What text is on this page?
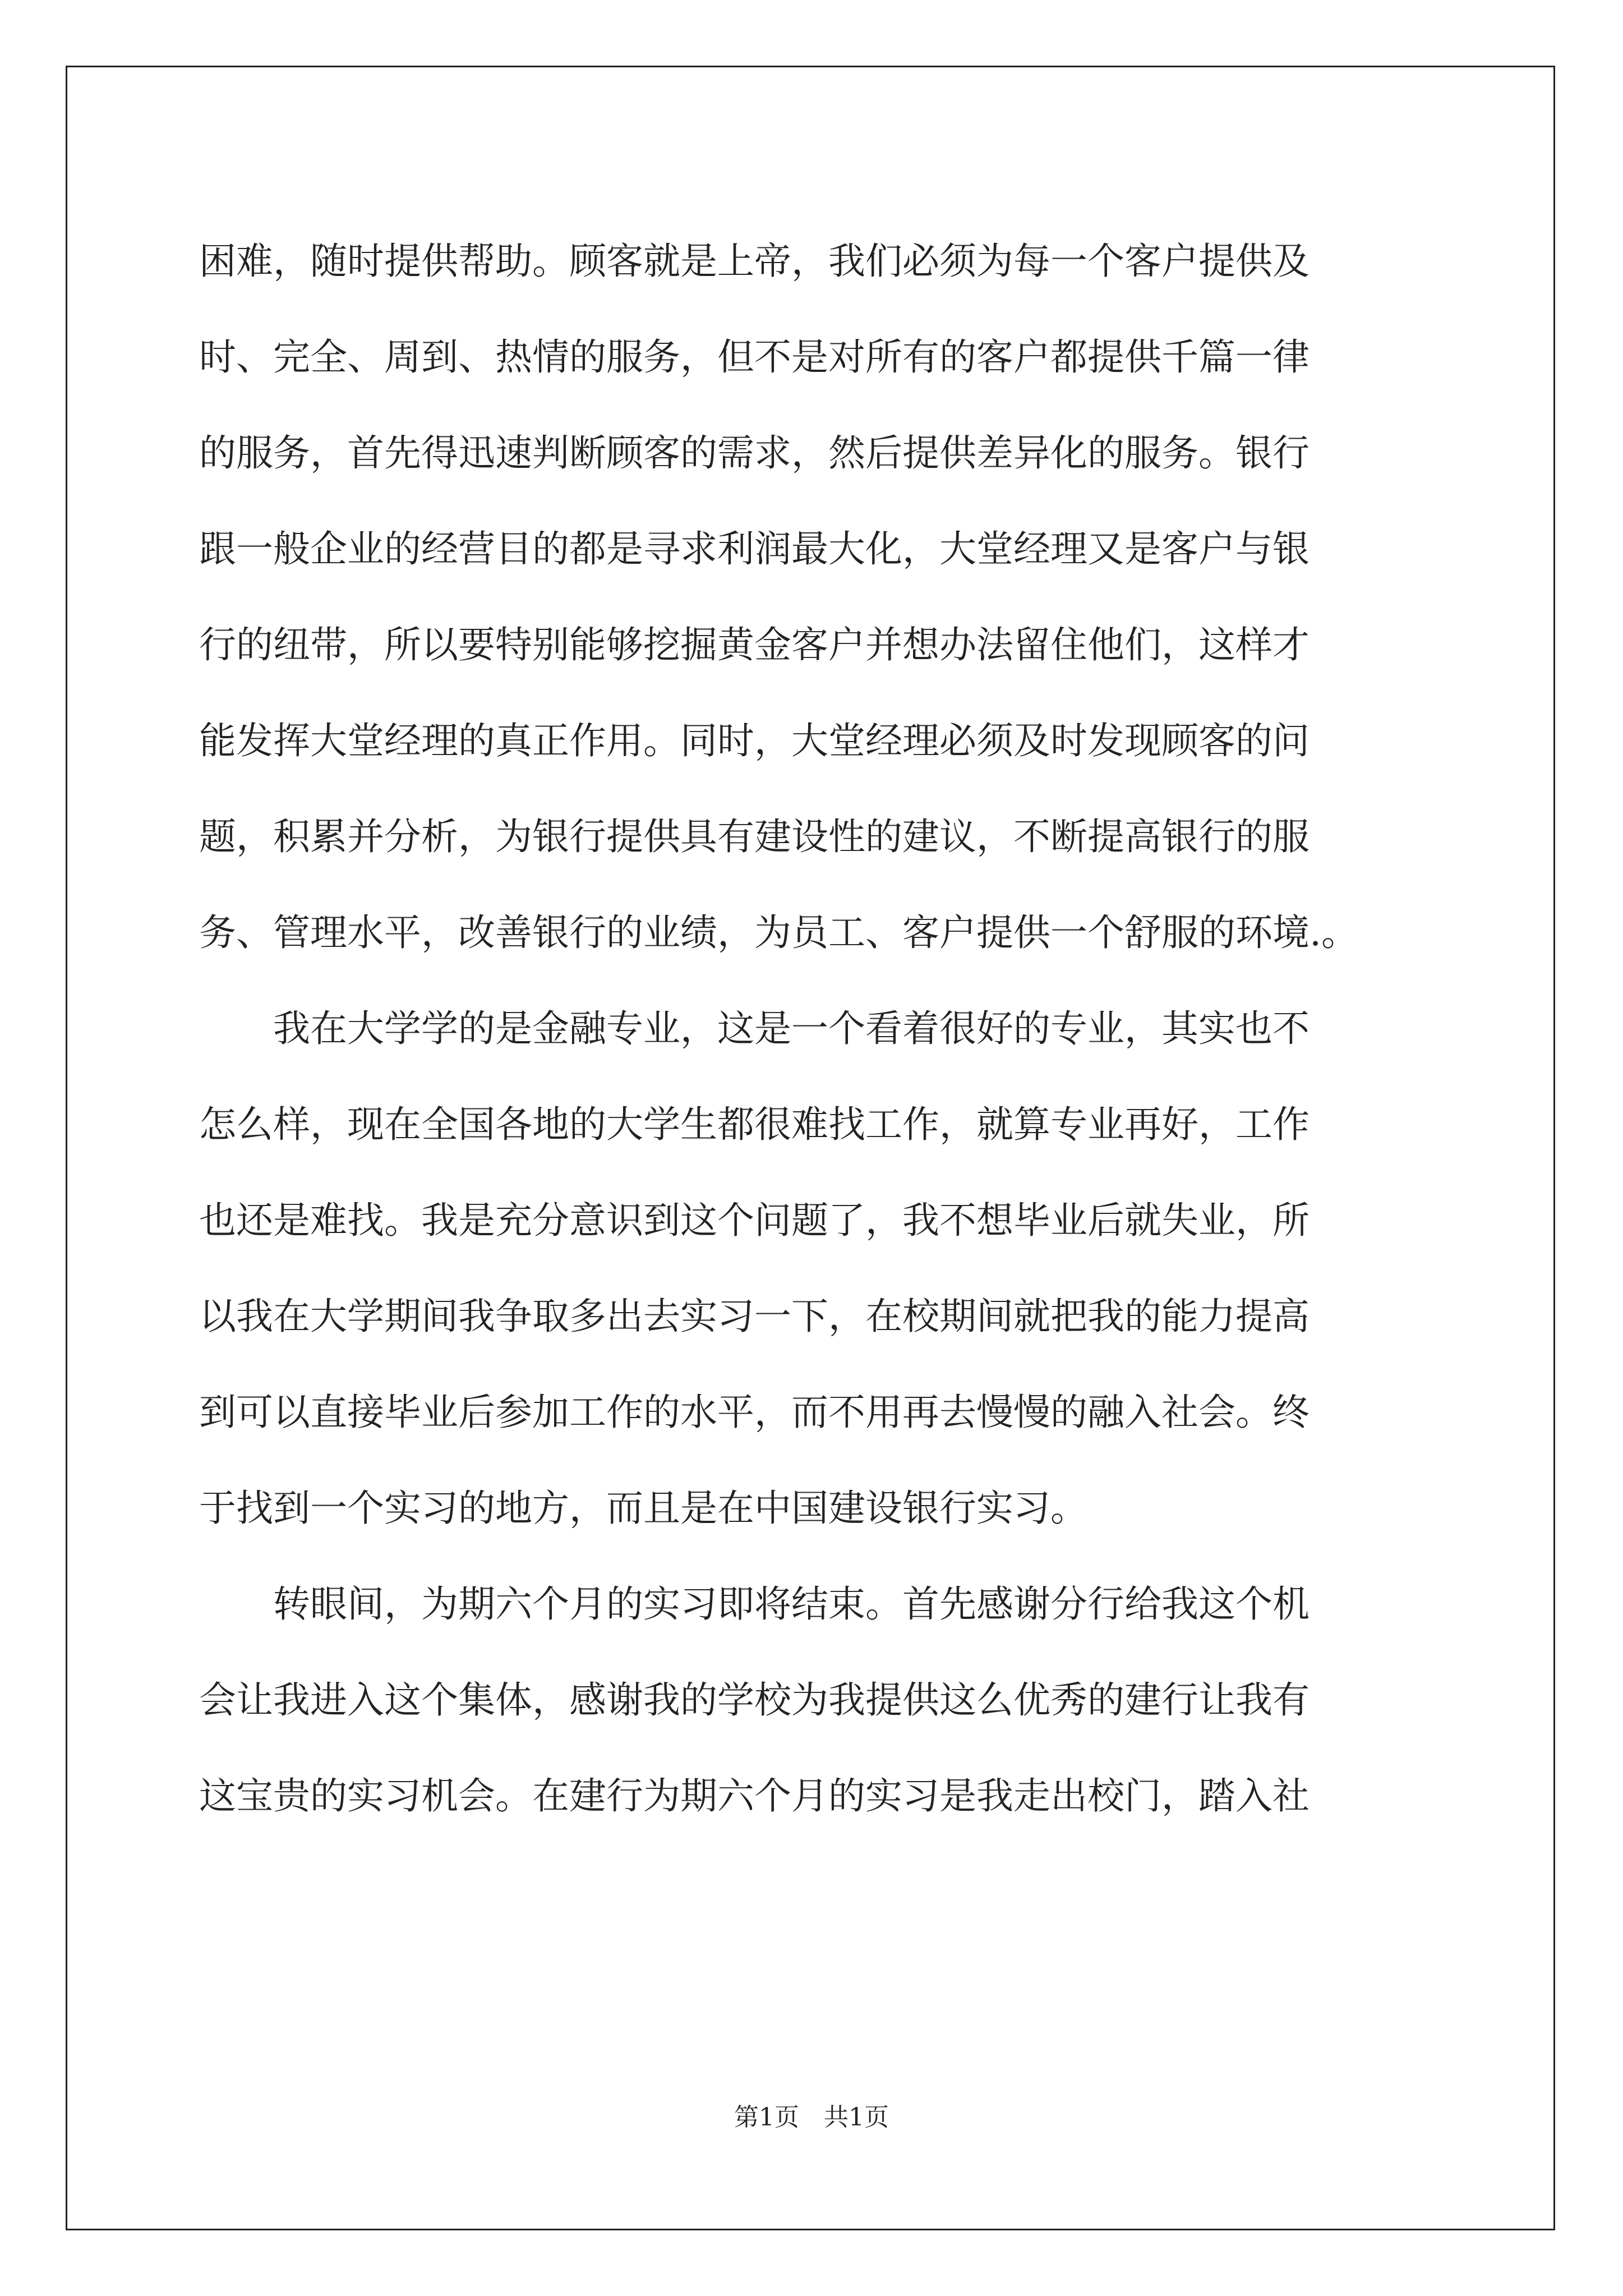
困难，随时提供帮助。顾客就是上帝，我们必须为每一个客户提供及
时、完全、周到、热情的服务，但不是对所有的客户都提供千篇一律
的服务，首先得迅速判断顾客的需求，然后提供差异化的服务。银行
跟一般企业的经营目的都是寻求利润最大化，大堂经理又是客户与银
行的纽带，所以要特别能够挖掘黄金客户并想办法留住他们，这样才
能发挥大堂经理的真正作用。同时，大堂经理必须及时发现顾客的问
题，积累并分析，为银行提供具有建设性的建议，不断提高银行的服
务、管理水平，改善银行的业绩，为员工、客户提供一个舒服的环境.。
　　我在大学学的是金融专业，这是一个看着很好的专业，其实也不
怎么样，现在全国各地的大学生都很难找工作，就算专业再好，工作
也还是难找。我是充分意识到这个问题了，我不想毕业后就失业，所
以我在大学期间我争取多出去实习一下，在校期间就把我的能力提高
到可以直接毕业后参加工作的水平，而不用再去慢慢的融入社会。终
于找到一个实习的地方，而且是在中国建设银行实习。
　　转眼间，为期六个月的实习即将结束。首先感谢分行给我这个机
会让我进入这个集体，感谢我的学校为我提供这么优秀的建行让我有
这宝贵的实习机会。在建行为期六个月的实习是我走出校门，踏入社
第1页　共1页
